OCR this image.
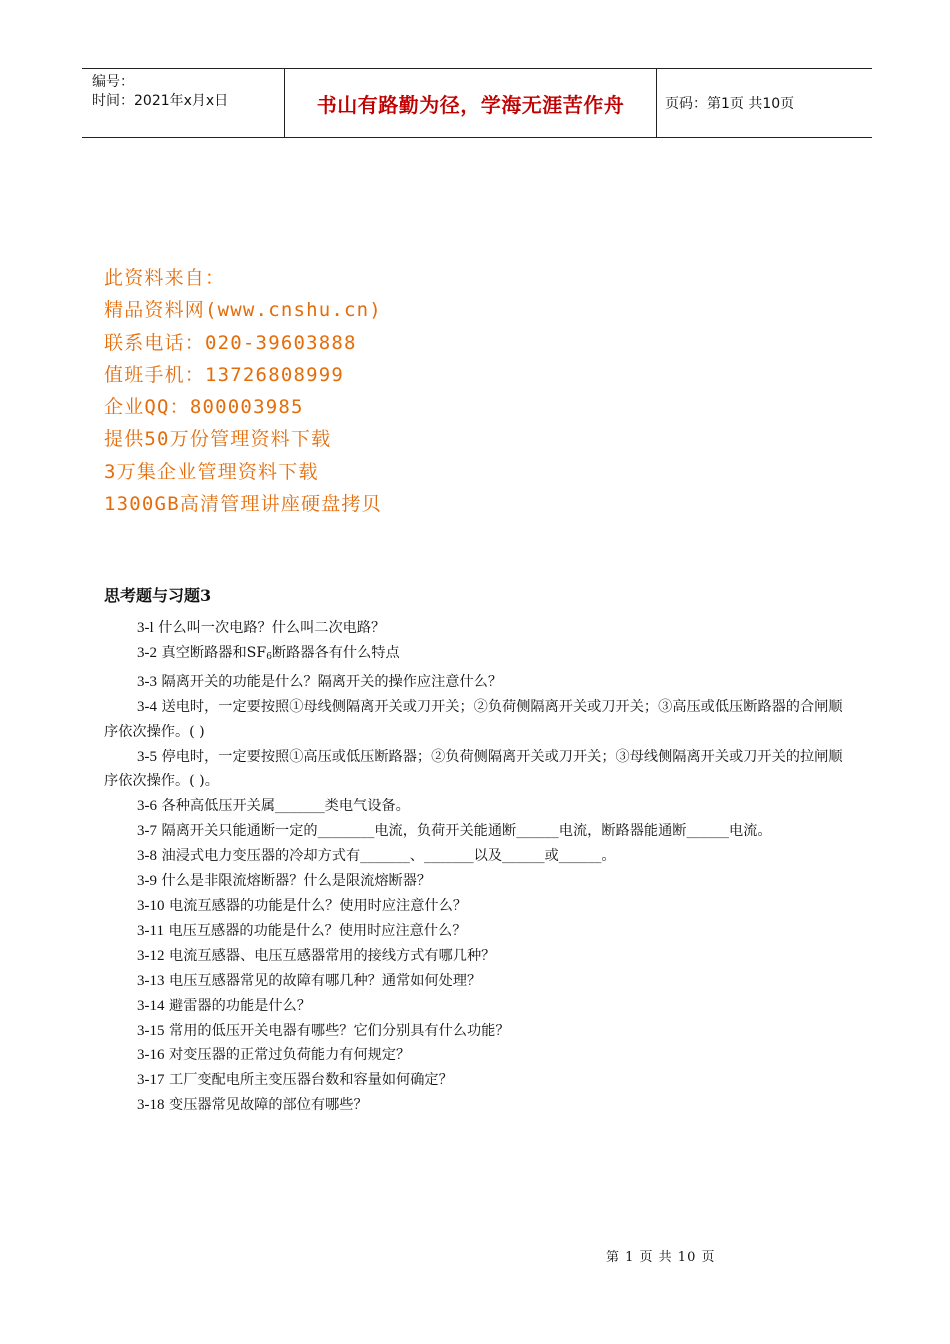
编号：
时间：2021年x月x日	书山有路勤为径，学海无涯苦作舟	页码：第1页 共10页
此资料来自：
精品资料网(www.cnshu.cn)
联系电话：020-39603888
值班手机：13726808999
企业QQ：800003985
提供50万份管理资料下载
3万集企业管理资料下载
1300GB高清管理讲座硬盘拷贝
思考题与习题3

3-l 什么叫一次电路？什么叫二次电路？

3-2 真空断路器和$SF_6$断路器各有什么特点

3-3 隔离开关的功能是什么？隔离开关的操作应注意什么？

3-4 送电时，一定要按照①母线侧隔离开关或刀开关；②负荷侧隔离开关或刀开关；③高压或低压断路器的合闸顺序依次操作。( )

3-5 停电时，一定要按照①高压或低压断路器；②负荷侧隔离开关或刀开关；③母线侧隔离开关或刀开关的拉闸顺序依次操作。( )。

3-6 各种高低压开关属_______类电气设备。

3-7 隔离开关只能通断一定的________电流，负荷开关能通断______电流，断路器能通断______电流。

3-8 油浸式电力变压器的冷却方式有_______、_______以及______或______。

3-9 什么是非限流熔断器？什么是限流熔断器？

3-10 电流互感器的功能是什么？使用时应注意什么？

3-11 电压互感器的功能是什么？使用时应注意什么？

3-12 电流互感器、电压互感器常用的接线方式有哪几种？

3-13 电压互感器常见的故障有哪几种？通常如何处理？

3-14 避雷器的功能是什么？

3-15 常用的低压开关电器有哪些？它们分别具有什么功能？

3-16 对变压器的正常过负荷能力有何规定？

3-17 工厂变配电所主变压器台数和容量如何确定？

3-18 变压器常见故障的部位有哪些？

第 1 页 共 10 页
